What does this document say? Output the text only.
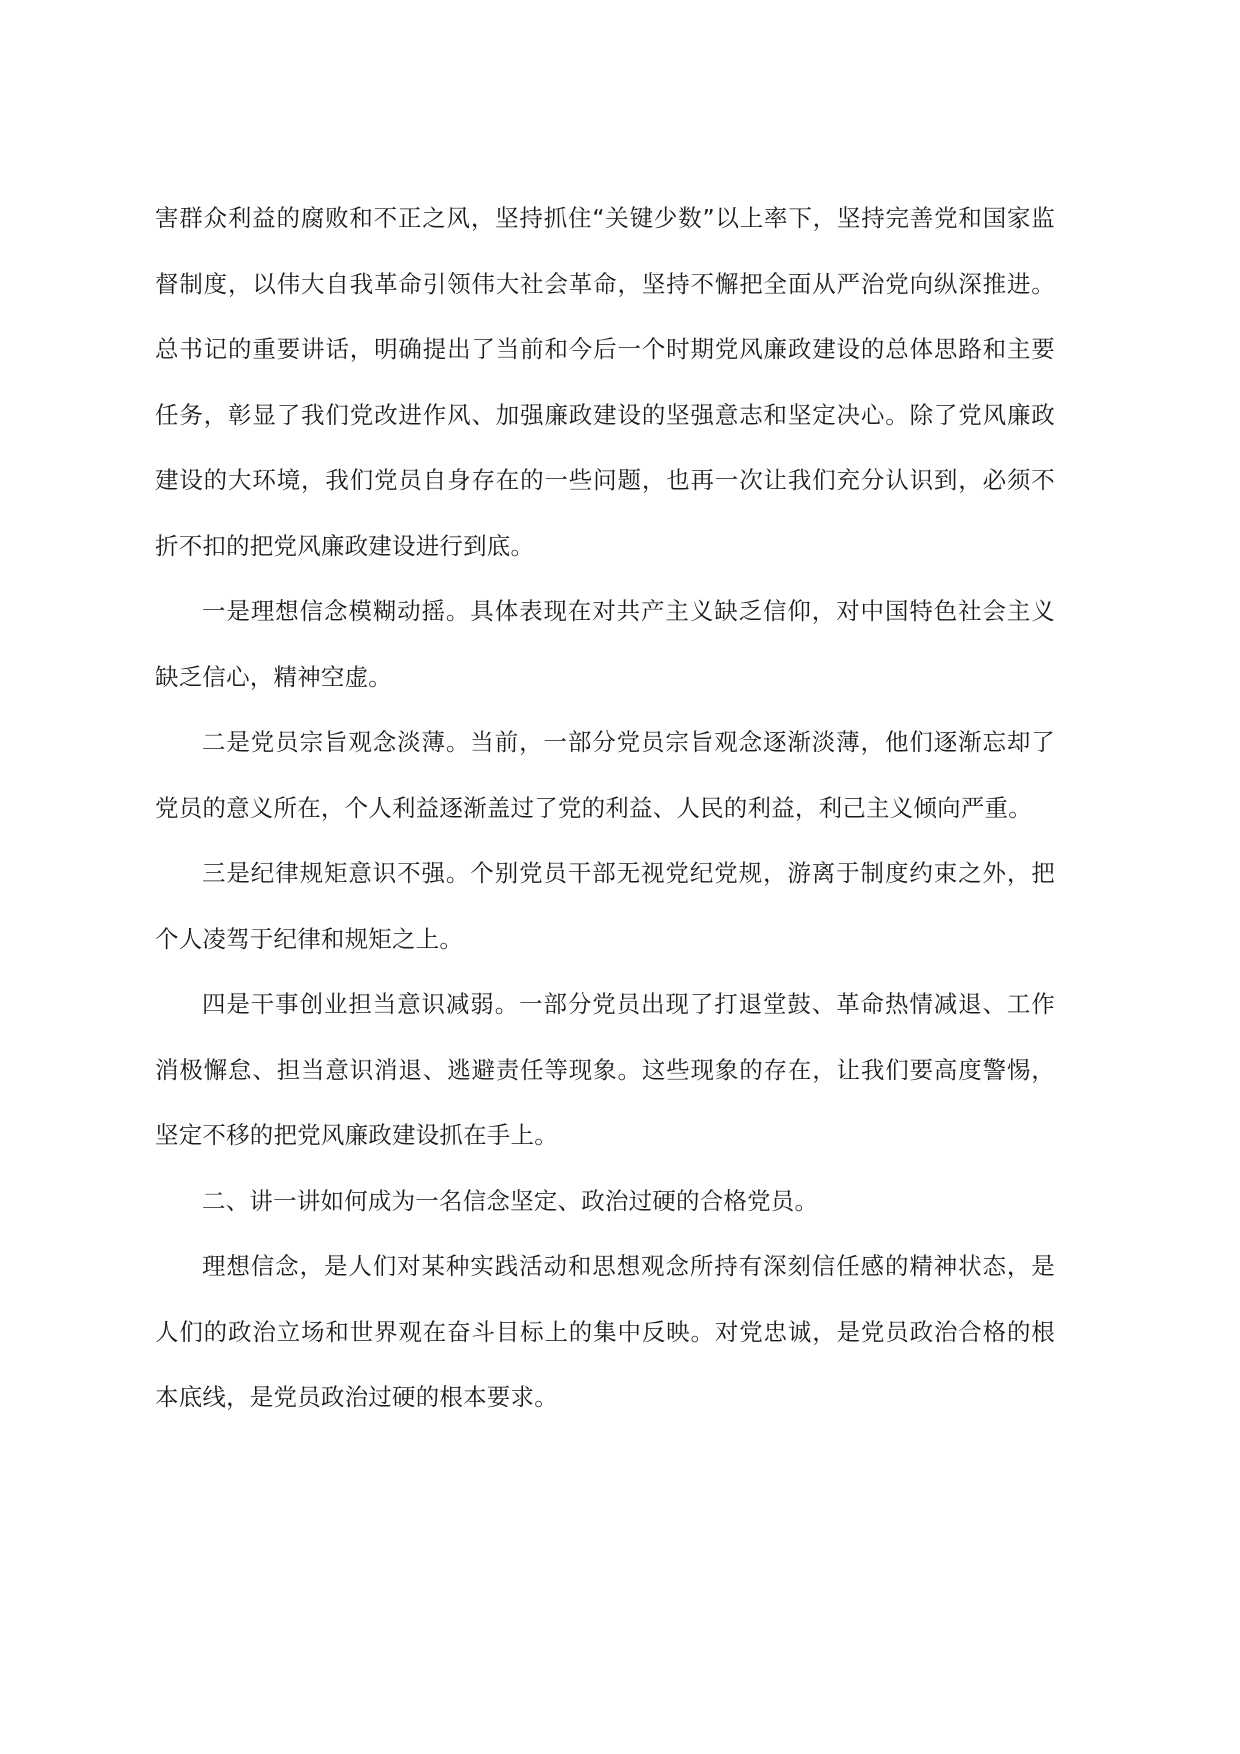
害群众利益的腐败和不正之风，坚持抓住“关键少数”以上率下，坚持完善党和国家监督制度，以伟大自我革命引领伟大社会革命，坚持不懈把全面从严治党向纵深推进。总书记的重要讲话，明确提出了当前和今后一个时期党风廉政建设的总体思路和主要任务，彰显了我们党改进作风、加强廉政建设的坚强意志和坚定决心。除了党风廉政建设的大环境，我们党员自身存在的一些问题，也再一次让我们充分认识到，必须不折不扣的把党风廉政建设进行到底。

一是理想信念模糊动摇。具体表现在对共产主义缺乏信仰，对中国特色社会主义缺乏信心，精神空虚。

二是党员宗旨观念淡薄。当前，一部分党员宗旨观念逐渐淡薄，他们逐渐忘却了党员的意义所在，个人利益逐渐盖过了党的利益、人民的利益，利己主义倾向严重。

三是纪律规矩意识不强。个别党员干部无视党纪党规，游离于制度约束之外，把个人凌驾于纪律和规矩之上。

四是干事创业担当意识减弱。一部分党员出现了打退堂鼓、革命热情减退、工作消极懈怠、担当意识消退、逃避责任等现象。这些现象的存在，让我们要高度警惕，坚定不移的把党风廉政建设抓在手上。

二、讲一讲如何成为一名信念坚定、政治过硬的合格党员。

理想信念，是人们对某种实践活动和思想观念所持有深刻信任感的精神状态，是人们的政治立场和世界观在奋斗目标上的集中反映。对党忠诚，是党员政治合格的根本底线，是党员政治过硬的根本要求。
